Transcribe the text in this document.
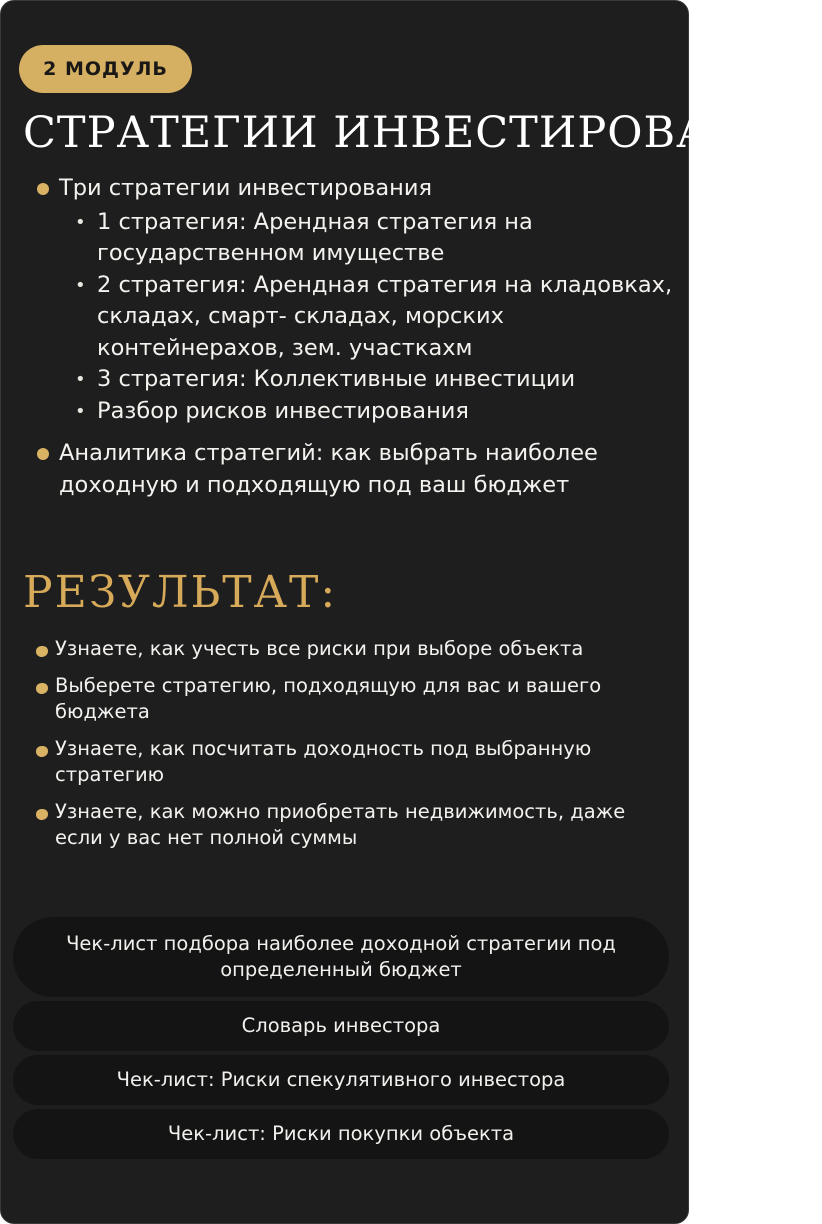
2 МОДУЛЬ
СТРАТЕГИИ ИНВЕСТИРОВАНИЯ
Три стратегии инвестирования
• 1 стратегия: Арендная стратегия на государственном имуществе
• 2 стратегия: Арендная стратегия на кладовках, складах, смарт- складах, морских контейнерахов, зем. участкахм
• 3 стратегия: Коллективные инвестиции
• Разбор рисков инвестирования
Аналитика стратегий: как выбрать наиболее доходную и подходящую под ваш бюджет
РЕЗУЛЬТАТ:
Узнаете, как учесть все риски при выборе объекта
Выберете стратегию, подходящую для вас и вашего бюджета
Узнаете, как посчитать доходность под выбранную стратегию
Узнаете, как можно приобретать недвижимость, даже если у вас нет полной суммы
Чек-лист подбора наиболее доходной стратегии под определенный бюджет
Словарь инвестора
Чек-лист: Риски спекулятивного инвестора
Чек-лист: Риски покупки объекта
